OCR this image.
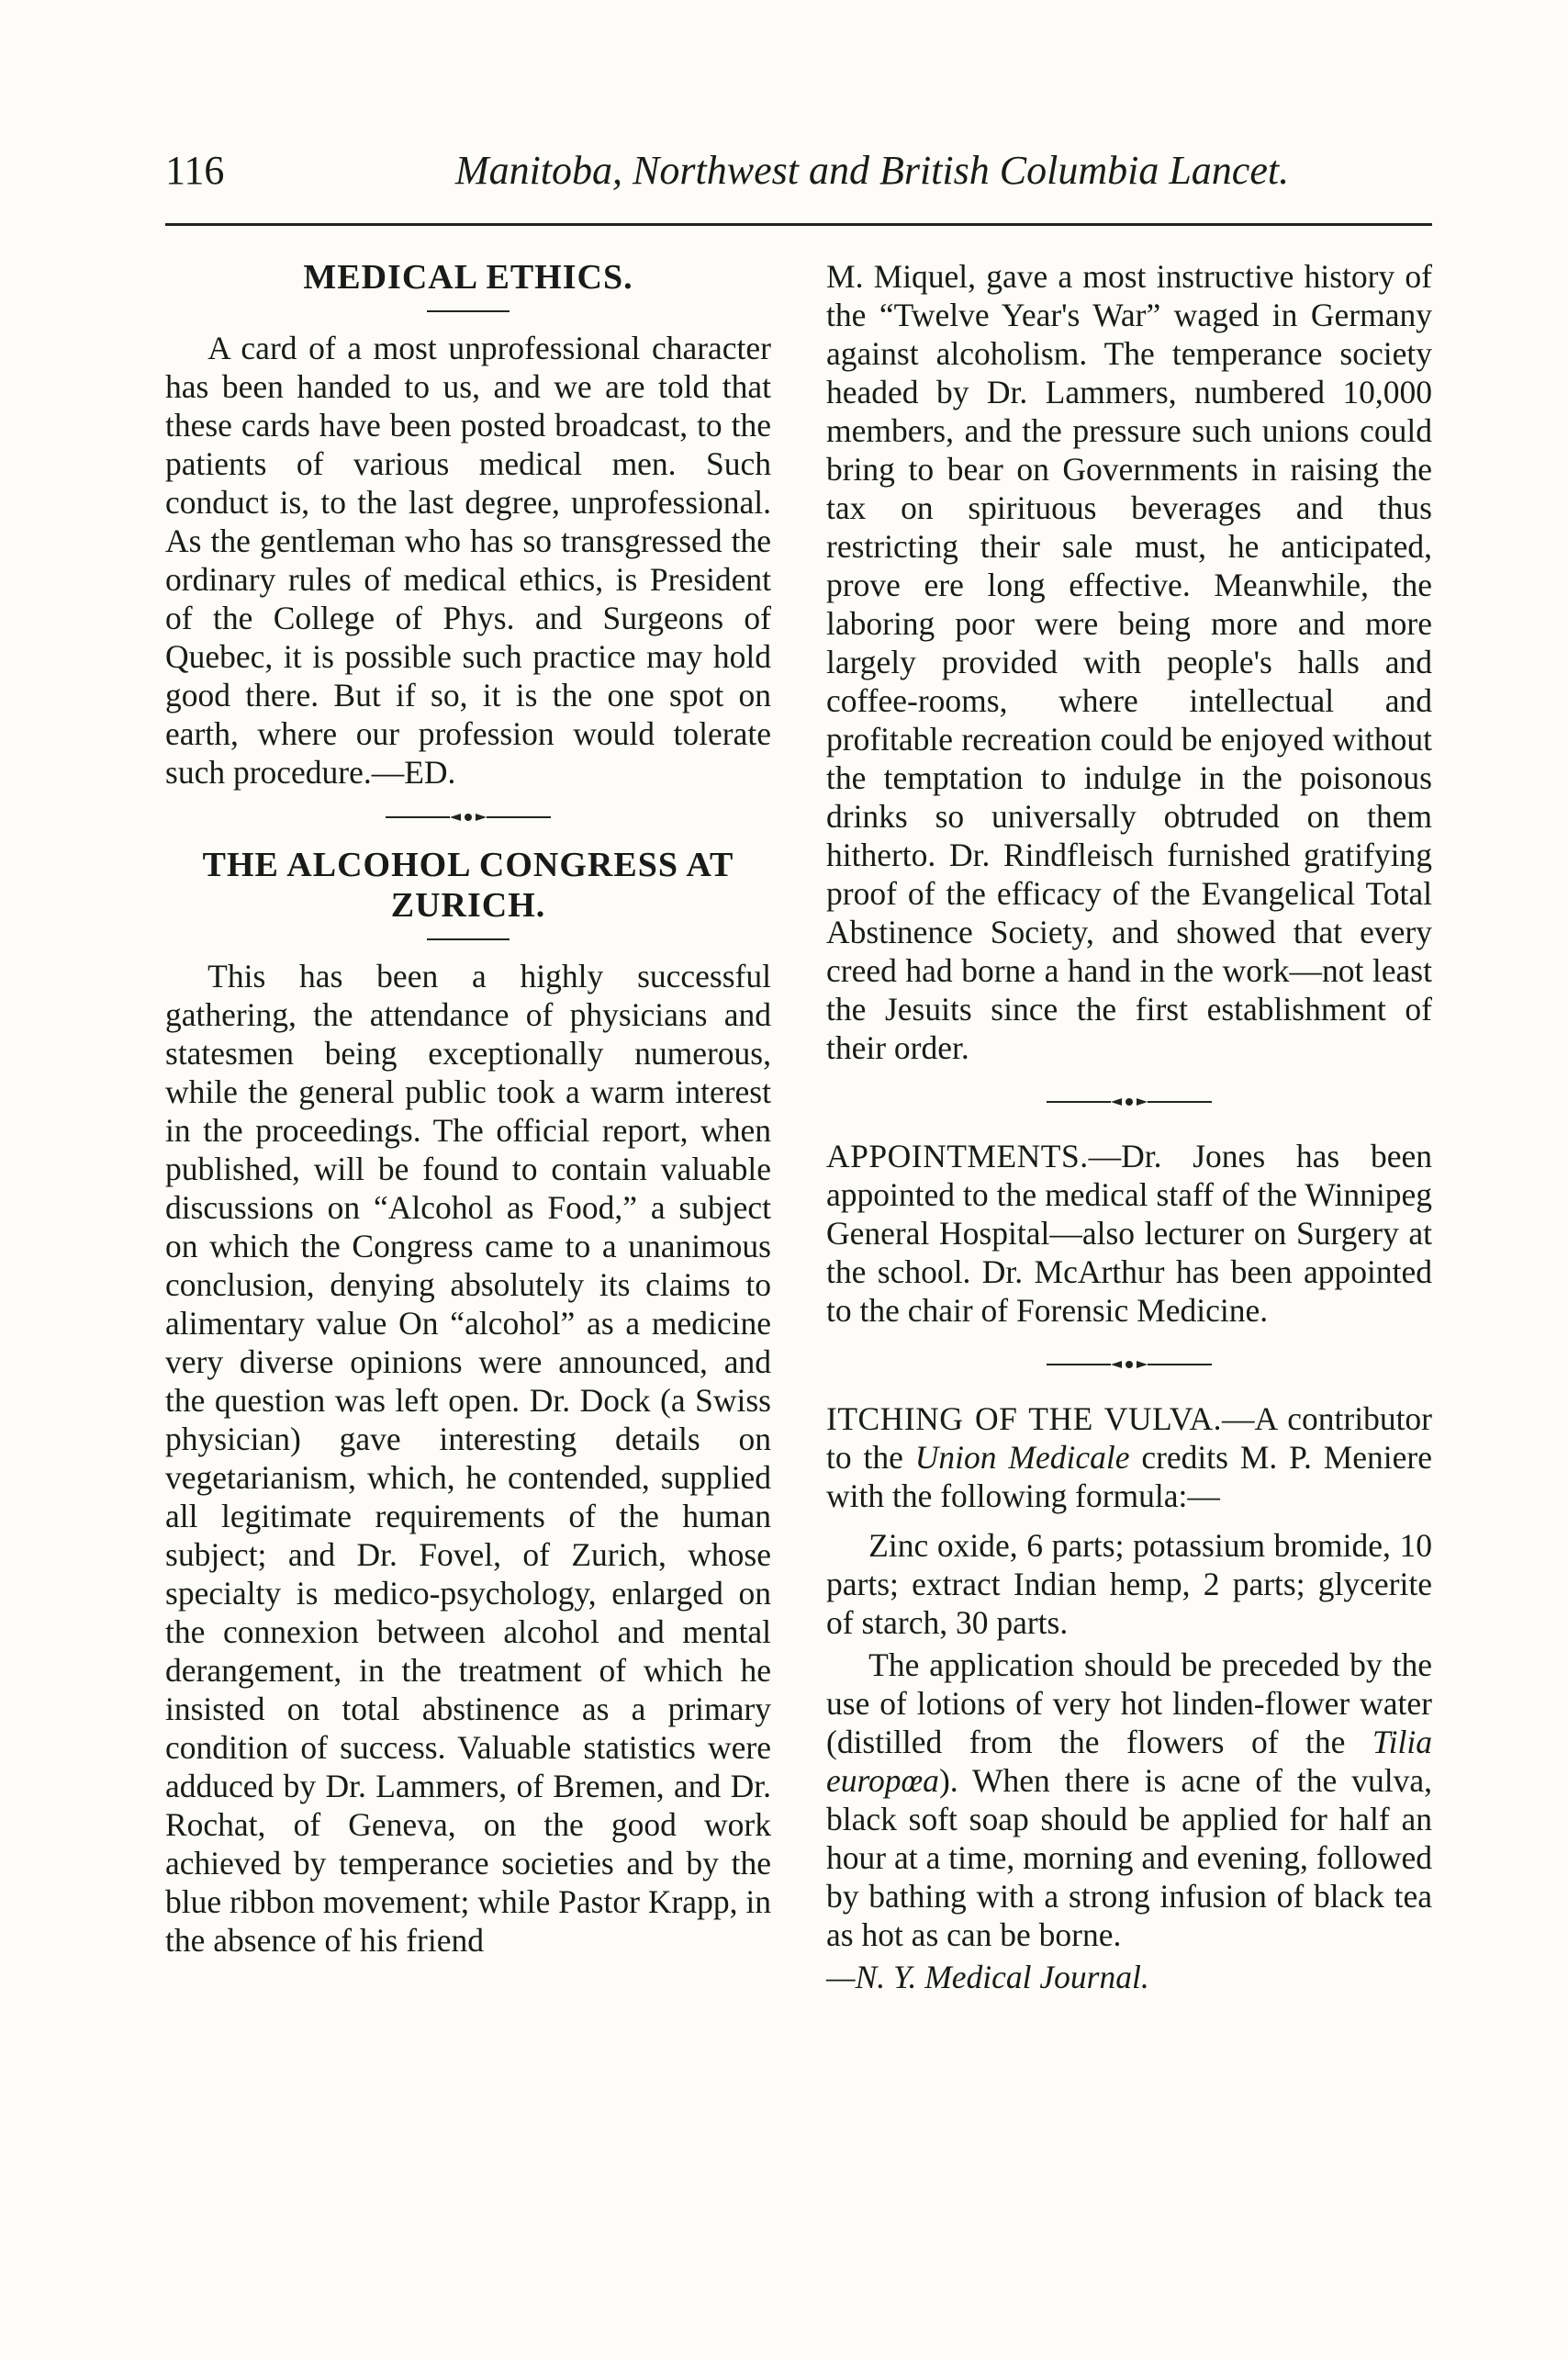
116	Manitoba, Northwest and British Columbia Lancet.
MEDICAL ETHICS.

A card of a most unprofessional character has been handed to us, and we are told that these cards have been posted broadcast, to the patients of various medical men. Such conduct is, to the last degree, unprofessional. As the gentleman who has so transgressed the ordinary rules of medical ethics, is President of the College of Phys. and Surgeons of Quebec, it is possible such practice may hold good there. But if so, it is the one spot on earth, where our profession would tolerate such procedure.—ED.

THE ALCOHOL CONGRESS AT ZURICH.

This has been a highly successful gathering, the attendance of physicians and statesmen being exceptionally numerous, while the general public took a warm interest in the proceedings. The official report, when published, will be found to contain valuable discussions on “Alcohol as Food,” a subject on which the Congress came to a unanimous conclusion, denying absolutely its claims to alimentary value On “alcohol” as a medicine very diverse opinions were announced, and the question was left open. Dr. Dock (a Swiss physician) gave interesting details on vegetarianism, which, he contended, supplied all legitimate requirements of the human subject; and Dr. Fovel, of Zurich, whose specialty is medico-psychology, enlarged on the connexion between alcohol and mental derangement, in the treatment of which he insisted on total abstinence as a primary condition of success. Valuable statistics were adduced by Dr. Lammers, of Bremen, and Dr. Rochat, of Geneva, on the good work achieved by temperance societies and by the blue ribbon movement; while Pastor Krapp, in the absence of his friend

M. Miquel, gave a most instructive history of the “Twelve Year's War” waged in Germany against alcoholism. The temperance society headed by Dr. Lammers, numbered 10,000 members, and the pressure such unions could bring to bear on Governments in raising the tax on spirituous beverages and thus restricting their sale must, he anticipated, prove ere long effective. Meanwhile, the laboring poor were being more and more largely provided with people's halls and coffee-rooms, where intellectual and profitable recreation could be enjoyed without the temptation to indulge in the poisonous drinks so universally obtruded on them hitherto. Dr. Rindfleisch furnished gratifying proof of the efficacy of the Evangelical Total Abstinence Society, and showed that every creed had borne a hand in the work—not least the Jesuits since the first establishment of their order.

APPOINTMENTS.—Dr. Jones has been appointed to the medical staff of the Winnipeg General Hospital—also lecturer on Surgery at the school. Dr. McArthur has been appointed to the chair of Forensic Medicine.

ITCHING OF THE VULVA.—A contributor to the Union Medicale credits M. P. Meniere with the following formula:—

Zinc oxide, 6 parts; potassium bromide, 10 parts; extract Indian hemp, 2 parts; glycerite of starch, 30 parts.

The application should be preceded by the use of lotions of very hot linden-flower water (distilled from the flowers of the Tilia europœa). When there is acne of the vulva, black soft soap should be applied for half an hour at a time, morning and evening, followed by bathing with a strong infusion of black tea as hot as can be borne.

—N. Y. Medical Journal.
